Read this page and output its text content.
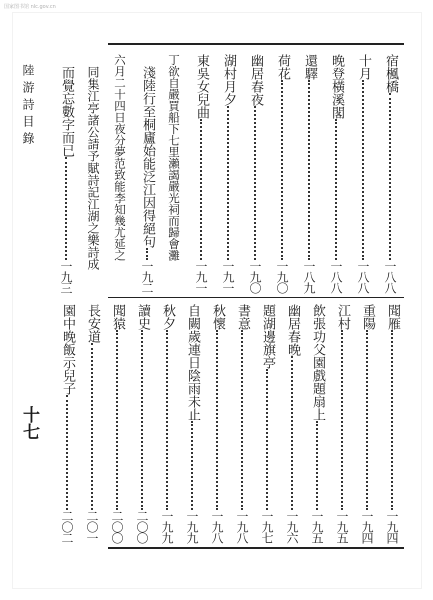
国家图书馆 nlc.gov.cn
陸游詩目錄
十七
宿楓橋
一八八
十月
一八八
晚登橫溪閣
一八八
還驛
一八九
荷花
一九〇
幽居春夜
一九〇
湖村月夕
一九一
東吳女兒曲
一九一
丁欲自嚴買船下七里瀨謁嚴光祠而歸會灘
淺陸行至桐廬始能泛江因得絕句
一九二
六月二十四日夜分夢范致能李知幾尤延之
同集江亭諸公請予賦詩記江湖之樂詩成
而覺忘數字而已
一九三
聞雁
一九四
重陽
一九四
江村
一九五
飲張功父園戲題扇上
一九五
幽居春晚
一九六
題湖邊旗亭
一九七
書意
一九八
秋懷
一九八
自闕歲連日陰雨未止
一九九
秋夕
一九九
讀史
二〇〇
聞猿
二〇〇
長安道
二〇一
園中晚飯示兒子
二〇二
